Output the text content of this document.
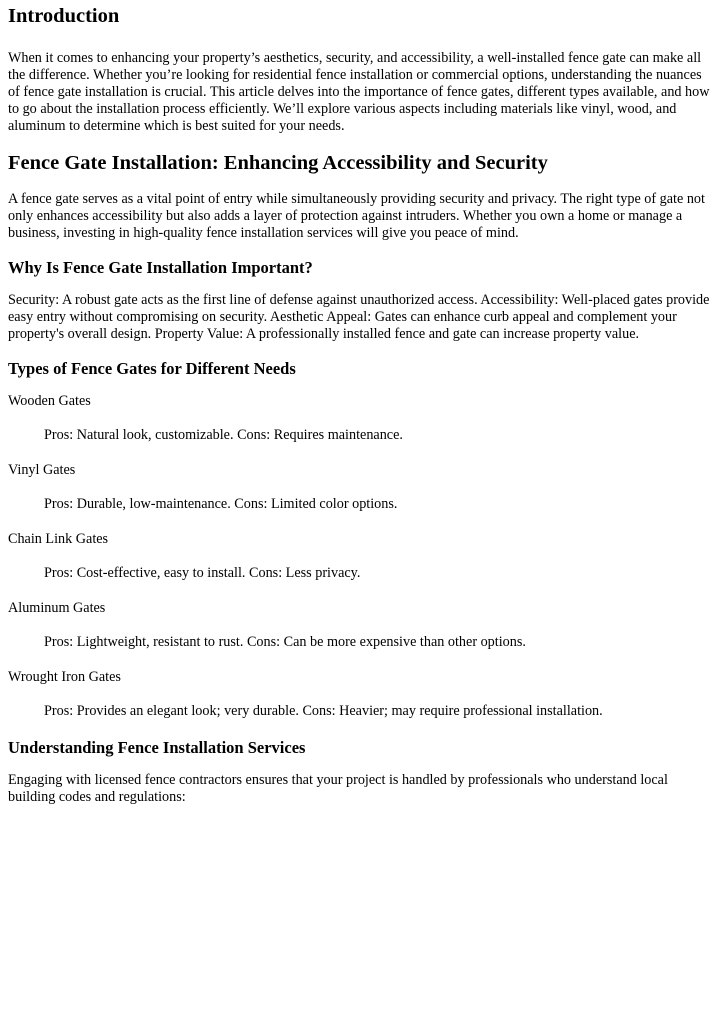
Introduction

When it comes to enhancing your property’s aesthetics, security, and accessibility, a well-installed fence gate can make all the difference. Whether you’re looking for residential fence installation or commercial options, understanding the nuances of fence gate installation is crucial. This article delves into the importance of fence gates, different types available, and how to go about the installation process efficiently. We’ll explore various aspects including materials like vinyl, wood, and aluminum to determine which is best suited for your needs.

Fence Gate Installation: Enhancing Accessibility and Security

A fence gate serves as a vital point of entry while simultaneously providing security and privacy. The right type of gate not only enhances accessibility but also adds a layer of protection against intruders. Whether you own a home or manage a business, investing in high-quality fence installation services will give you peace of mind.

Why Is Fence Gate Installation Important?

Security: A robust gate acts as the first line of defense against unauthorized access. Accessibility: Well-placed gates provide easy entry without compromising on security. Aesthetic Appeal: Gates can enhance curb appeal and complement your property's overall design. Property Value: A professionally installed fence and gate can increase property value.

Types of Fence Gates for Different Needs

Wooden Gates

Pros: Natural look, customizable. Cons: Requires maintenance.

Vinyl Gates

Pros: Durable, low-maintenance. Cons: Limited color options.

Chain Link Gates

Pros: Cost-effective, easy to install. Cons: Less privacy.

Aluminum Gates

Pros: Lightweight, resistant to rust. Cons: Can be more expensive than other options.

Wrought Iron Gates

Pros: Provides an elegant look; very durable. Cons: Heavier; may require professional installation.

Understanding Fence Installation Services

Engaging with licensed fence contractors ensures that your project is handled by professionals who understand local building codes and regulations:
